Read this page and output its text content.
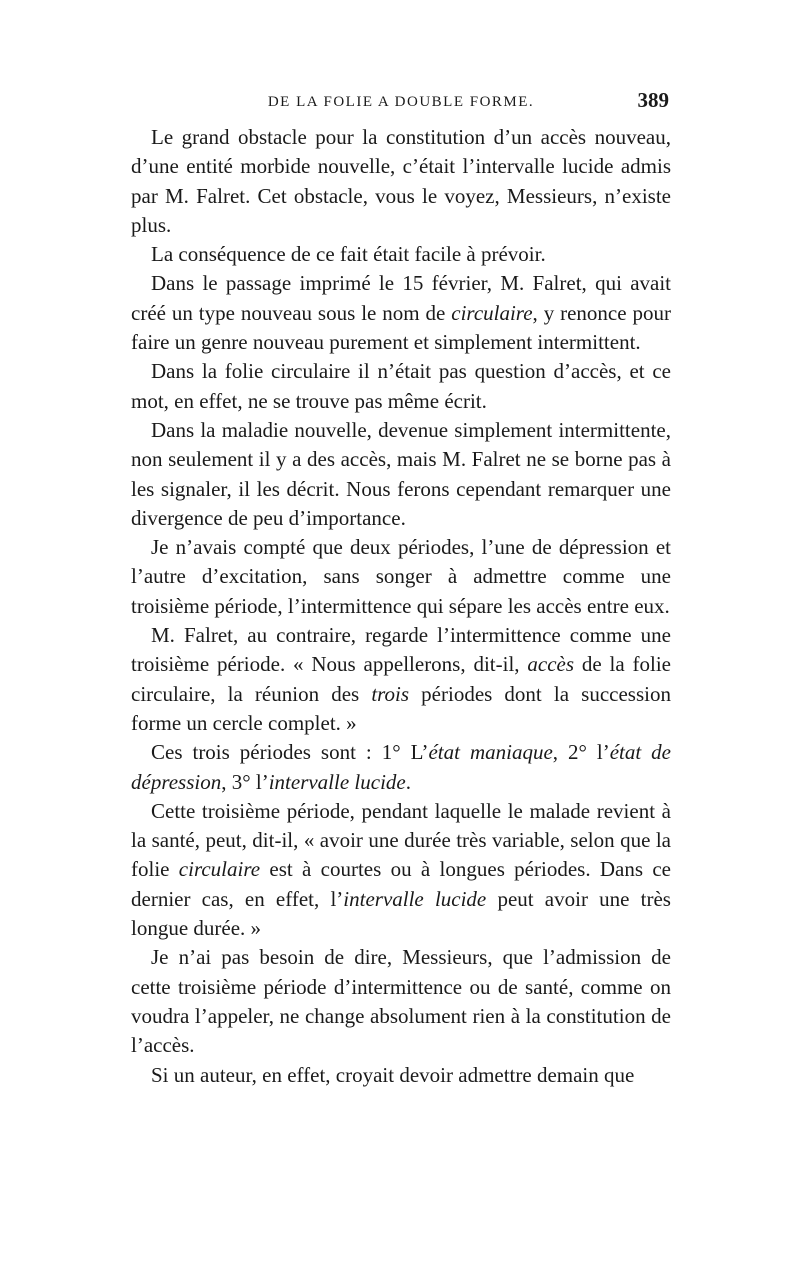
DE LA FOLIE A DOUBLE FORME.	389

Le grand obstacle pour la constitution d’un accès nouveau, d’une entité morbide nouvelle, c’était l’intervalle lucide admis par M. Falret. Cet obstacle, vous le voyez, Messieurs, n’existe plus.

La conséquence de ce fait était facile à prévoir.

Dans le passage imprimé le 15 février, M. Falret, qui avait créé un type nouveau sous le nom de circulaire, y renonce pour faire un genre nouveau purement et simplement intermittent.

Dans la folie circulaire il n’était pas question d’accès, et ce mot, en effet, ne se trouve pas même écrit.

Dans la maladie nouvelle, devenue simplement intermittente, non seulement il y a des accès, mais M. Falret ne se borne pas à les signaler, il les décrit. Nous ferons cependant remarquer une divergence de peu d’importance.

Je n’avais compté que deux périodes, l’une de dépression et l’autre d’excitation, sans songer à admettre comme une troisième période, l’intermittence qui sépare les accès entre eux.

M. Falret, au contraire, regarde l’intermittence comme une troisième période. « Nous appellerons, dit-il, accès de la folie circulaire, la réunion des trois périodes dont la succession forme un cercle complet. »

Ces trois périodes sont : 1° L’état maniaque, 2° l’état de dépression, 3° l’intervalle lucide.

Cette troisième période, pendant laquelle le malade revient à la santé, peut, dit-il, « avoir une durée très variable, selon que la folie circulaire est à courtes ou à longues périodes. Dans ce dernier cas, en effet, l’intervalle lucide peut avoir une très longue durée. »

Je n’ai pas besoin de dire, Messieurs, que l’admission de cette troisième période d’intermittence ou de santé, comme on voudra l’appeler, ne change absolument rien à la constitution de l’accès.

Si un auteur, en effet, croyait devoir admettre demain que
